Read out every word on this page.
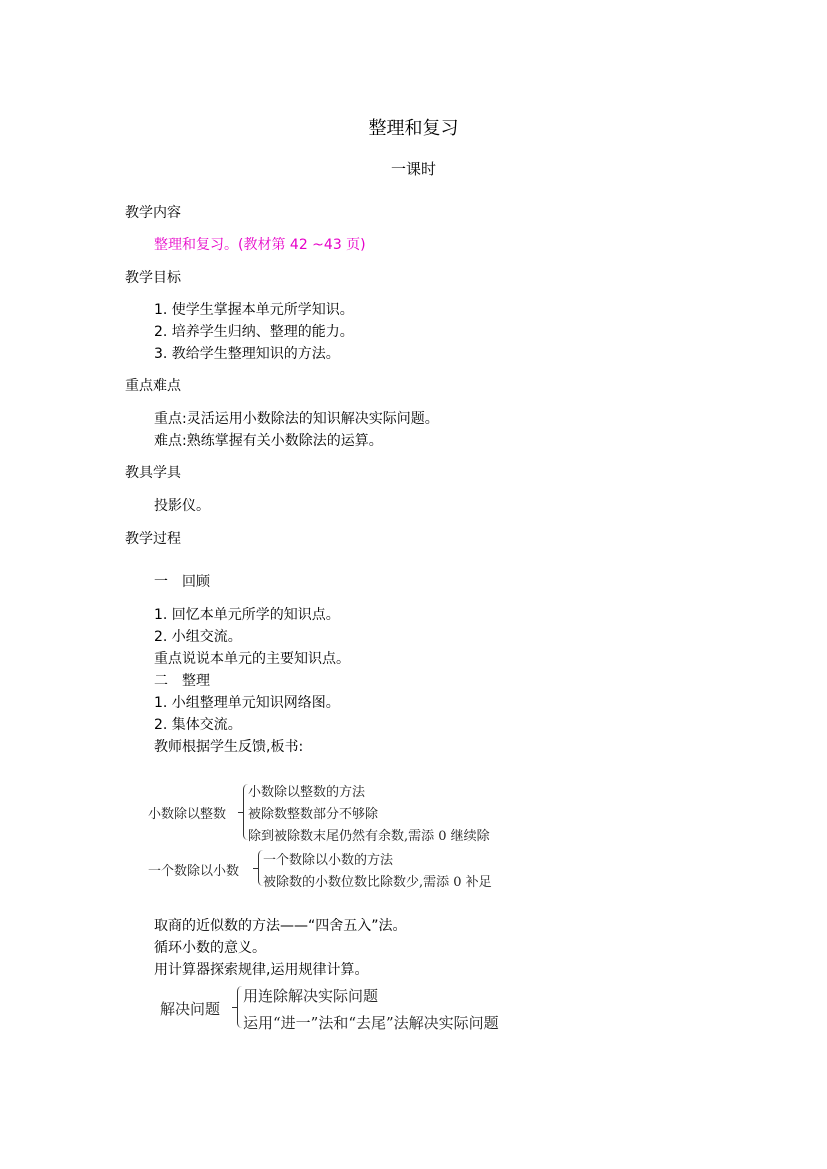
整理和复习
一课时
教学内容
整理和复习。(教材第 42 ~43 页)
教学目标
1. 使学生掌握本单元所学知识。
2. 培养学生归纳、整理的能力。
3. 教给学生整理知识的方法。
重点难点
重点:灵活运用小数除法的知识解决实际问题。
难点:熟练掌握有关小数除法的运算。
教具学具
投影仪。
教学过程
一　回顾
1. 回忆本单元所学的知识点。
2. 小组交流。
重点说说本单元的主要知识点。
二　整理
1. 小组整理单元知识网络图。
2. 集体交流。
教师根据学生反馈,板书:
小数除以整数
小数除以整数的方法
被除数整数部分不够除
除到被除数末尾仍然有余数,需添 0 继续除
一个数除以小数
一个数除以小数的方法
被除数的小数位数比除数少,需添 0 补足
取商的近似数的方法——“四舍五入”法。
循环小数的意义。
用计算器探索规律,运用规律计算。
解决问题
用连除解决实际问题
运用“进一”法和“去尾”法解决实际问题
